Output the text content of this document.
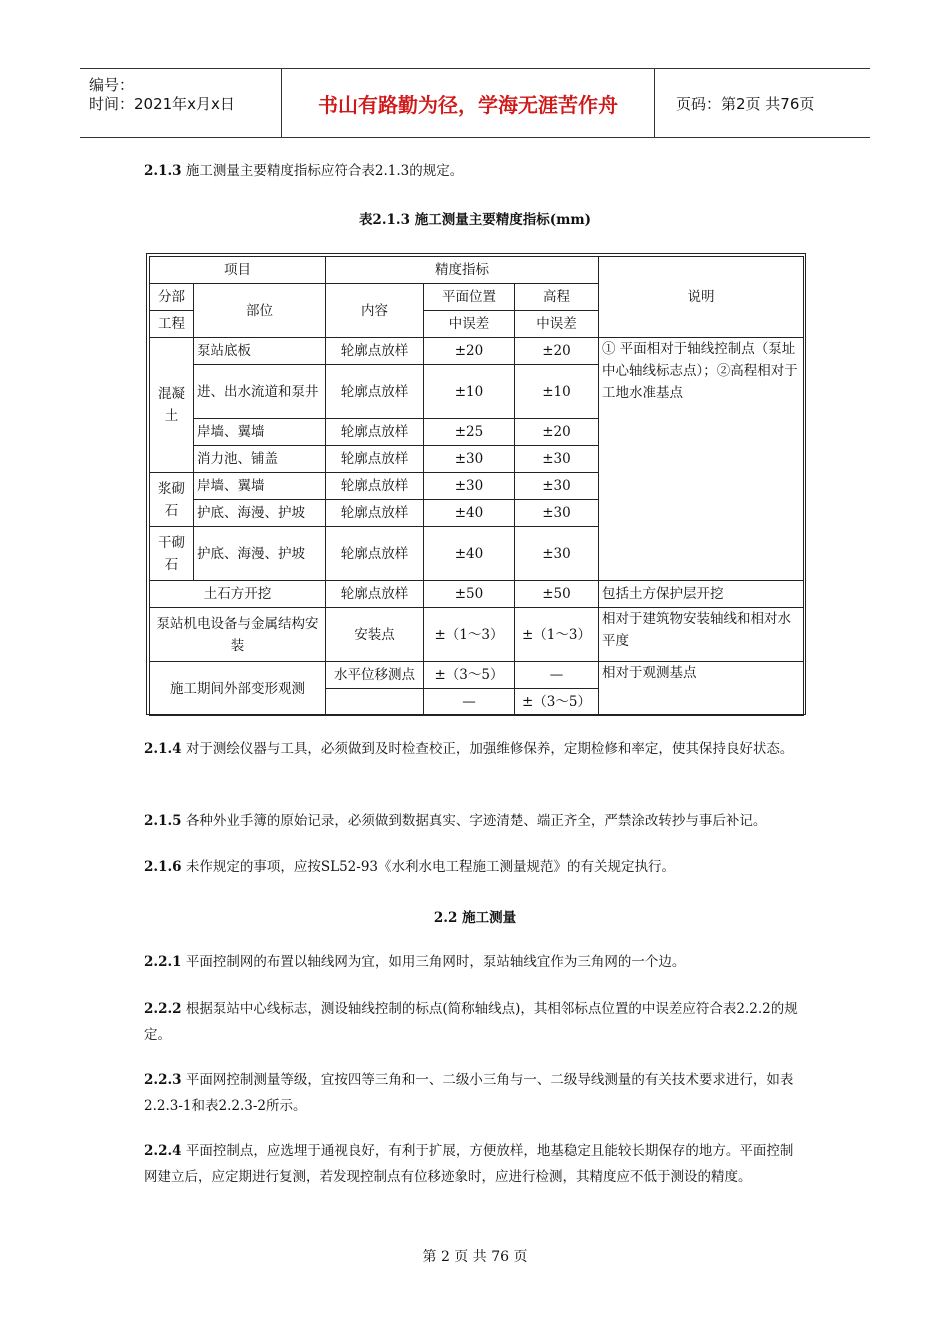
编号：
时间：2021年x月x日	书山有路勤为径，学海无涯苦作舟	页码：第2页 共76页
2.1.3 施工测量主要精度指标应符合表2.1.3的规定。
表2.1.3 施工测量主要精度指标(mm)
项目		精度指标			说明
分部	部位	内容	平面位置	高程	
工程			中误差	中误差	
混凝土	泵站底板	轮廓点放样	±20	±20	① 平面相对于轴线控制点（泵址中心轴线标志点）；②高程相对于工地水准基点
	进、出水流道和泵井	轮廓点放样	±10	±10	
	岸墙、翼墙	轮廓点放样	±25	±20	
	消力池、铺盖	轮廓点放样	±30	±30	
浆砌石	岸墙、翼墙	轮廓点放样	±30	±30	
	护底、海漫、护坡	轮廓点放样	±40	±30	
干砌石	护底、海漫、护坡	轮廓点放样	±40	±30	
土石方开挖		轮廓点放样	±50	±50	包括土方保护层开挖
泵站机电设备与金属结构安装		安装点	±（1～3）	±（1～3）	相对于建筑物安装轴线和相对水平度
施工期间外部变形观测		水平位移测点	±（3～5）	—	相对于观测基点
			—	±（3～5）	
2.1.4 对于测绘仪器与工具，必须做到及时检查校正，加强维修保养，定期检修和率定，使其保持良好状态。
2.1.5 各种外业手簿的原始记录，必须做到数据真实、字迹清楚、端正齐全，严禁涂改转抄与事后补记。
2.1.6 未作规定的事项，应按SL52-93《水利水电工程施工测量规范》的有关规定执行。
2.2 施工测量
2.2.1 平面控制网的布置以轴线网为宜，如用三角网时，泵站轴线宜作为三角网的一个边。
2.2.2 根据泵站中心线标志，测设轴线控制的标点(简称轴线点)，其相邻标点位置的中误差应符合表2.2.2的规定。
2.2.3 平面网控制测量等级，宜按四等三角和一、二级小三角与一、二级导线测量的有关技术要求进行，如表2.2.3-1和表2.2.3-2所示。
2.2.4 平面控制点，应选埋于通视良好，有利于扩展，方便放样，地基稳定且能较长期保存的地方。平面控制网建立后，应定期进行复测，若发现控制点有位移迹象时，应进行检测，其精度应不低于测设的精度。
第 2 页 共 76 页
